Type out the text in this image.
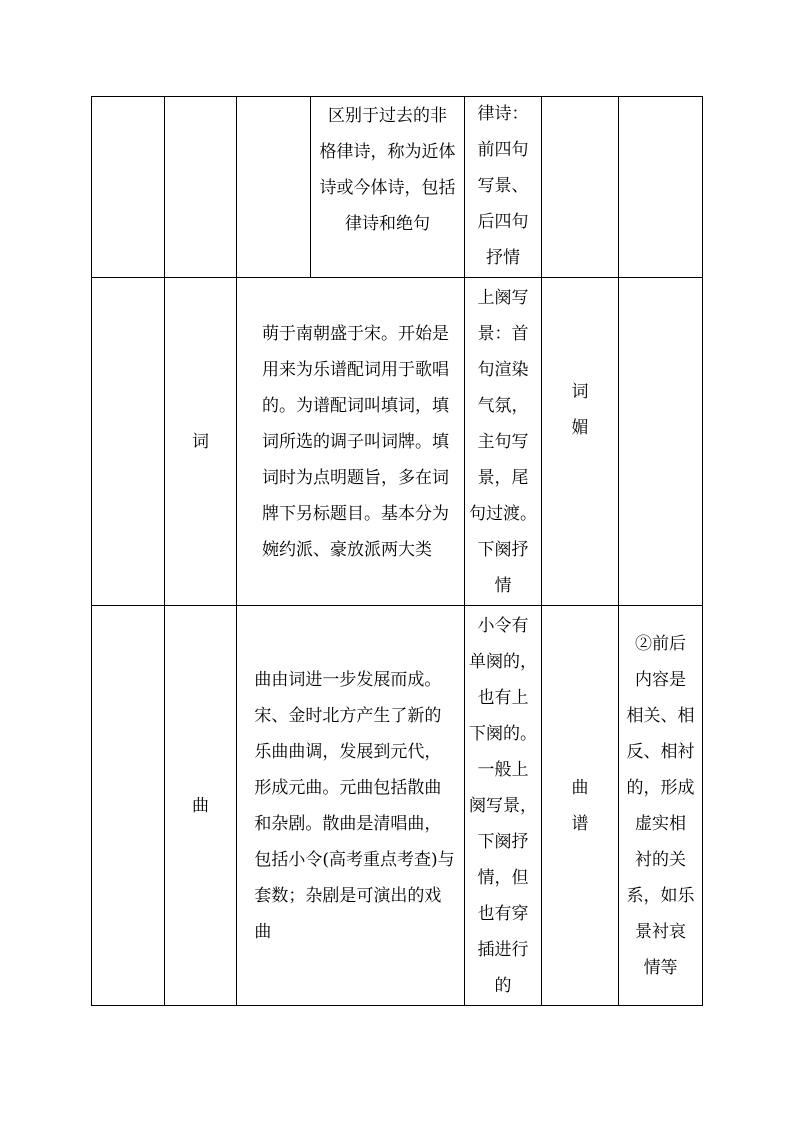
区别于过去的非
格律诗，称为近体
诗或今体诗，包括
律诗和绝句
律诗：
前四句
写景、
后四句
抒情
词
萌于南朝盛于宋。开始是
用来为乐谱配词用于歌唱
的。为谱配词叫填词，填
词所选的调子叫词牌。填
词时为点明题旨，多在词
牌下另标题目。基本分为
婉约派、豪放派两大类
上阕写
景：首
句渲染
气氛，
主句写
景，尾
句过渡。
下阕抒
情
词
媚
曲
曲由词进一步发展而成。
宋、金时北方产生了新的
乐曲曲调，发展到元代，
形成元曲。元曲包括散曲
和杂剧。散曲是清唱曲，
包括小令(高考重点考查)与
套数；杂剧是可演出的戏
曲
小令有
单阕的，
也有上
下阕的。
一般上
阕写景，
下阕抒
情，但
也有穿
插进行
的
曲
谱
②前后
内容是
相关、相
反、相衬
的，形成
虚实相
衬的关
系，如乐
景衬哀
情等
